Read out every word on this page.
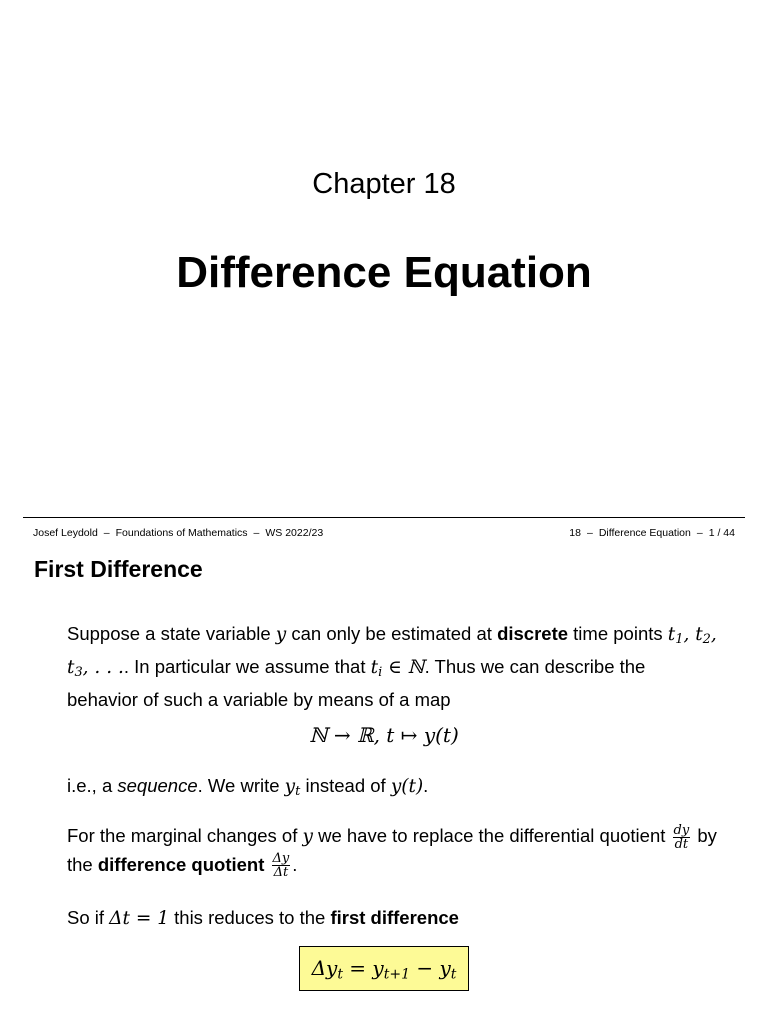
Chapter 18
Difference Equation
Josef Leydold – Foundations of Mathematics – WS 2022/23	18 – Difference Equation – 1 / 44
First Difference
Suppose a state variable y can only be estimated at discrete time points $t_1$, $t_2$, $t_3$, . . .. In particular we assume that $t_i$ ∈ ℕ. Thus we can describe the behavior of such a variable by means of a map
ℕ → ℝ, t ↦ y(t)
i.e., a sequence. We write $y_t$ instead of y(t).
For the marginal changes of y we have to replace the differential quotient $\frac{dy}{dt}$ by the difference quotient $\frac{\Delta y}{\Delta t}$ .
So if Δt = 1 this reduces to the first difference
$\Delta y_t = y_{t+1} - y_t$
